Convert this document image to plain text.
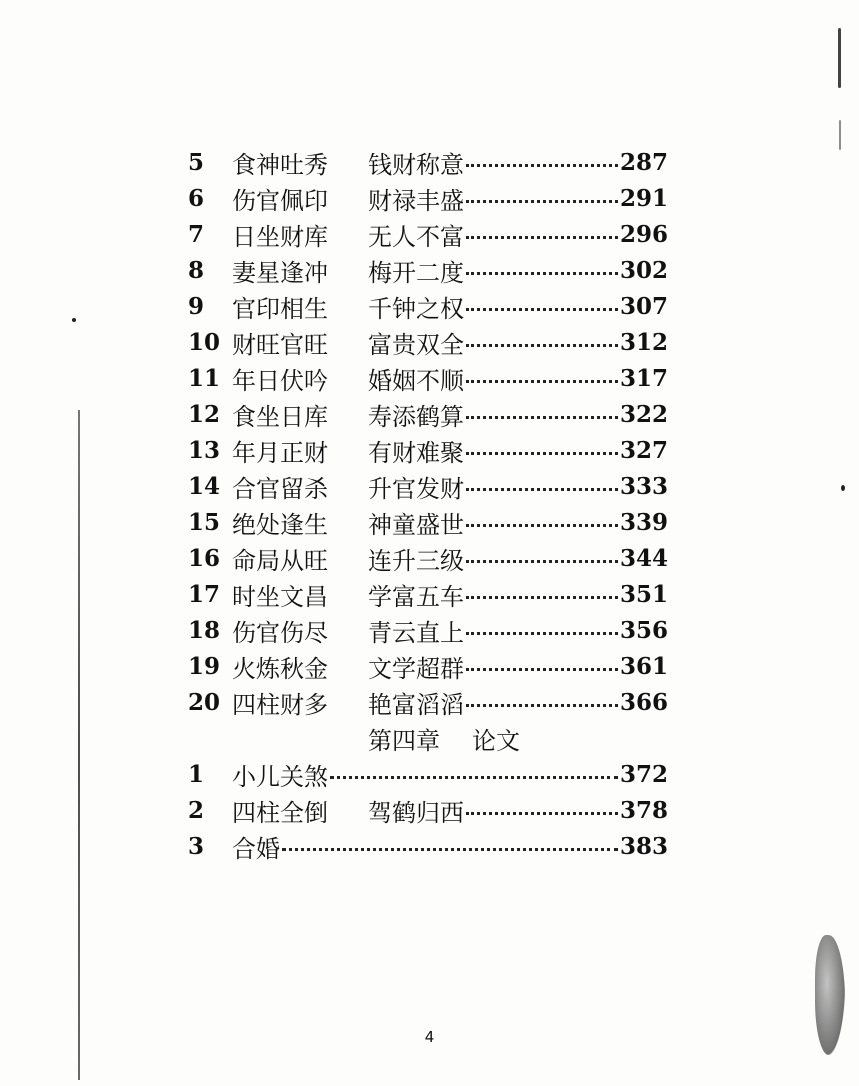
5	食神吐秀	钱财称意	287
6	伤官佩印	财禄丰盛	291
7	日坐财库	无人不富	296
8	妻星逢冲	梅开二度	302
9	官印相生	千钟之权	307
10 财旺官旺	富贵双全	312
11 年日伏吟	婚姻不顺	317
12 食坐日库	寿添鹤算	322
13 年月正财	有财难聚	327
14 合官留杀	升官发财	333
15 绝处逢生	神童盛世	339
16 命局从旺	连升三级	344
17 时坐文昌	学富五车	351
18 伤官伤尽	青云直上	356
19 火炼秋金	文学超群	361
20 四柱财多	艳富滔滔	366
第四章 论文
1	小儿关煞	372
2	四柱全倒	驾鹤归西	378
3	合婚	383
4
